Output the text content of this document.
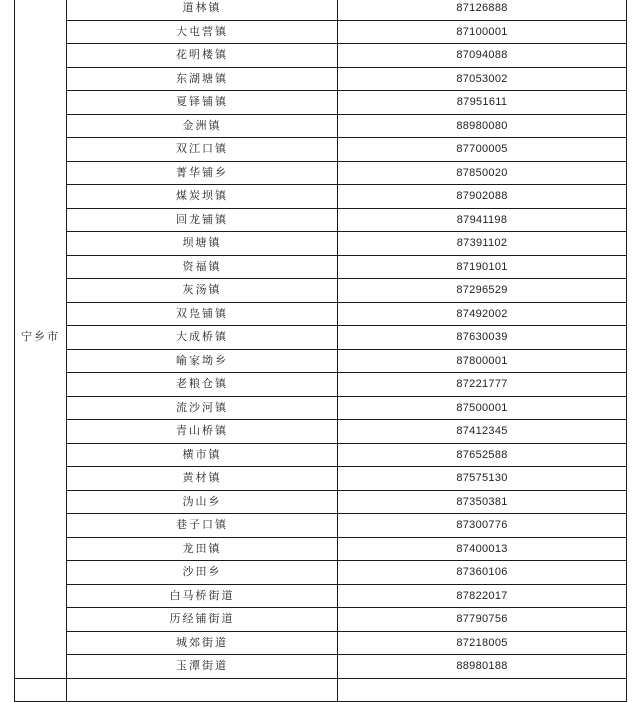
宁乡市	道林镇	87126888
	大屯营镇	87100001
	花明楼镇	87094088
	东湖塘镇	87053002
	夏铎铺镇	87951611
	金洲镇	88980080
	双江口镇	87700005
	菁华铺乡	87850020
	煤炭坝镇	87902088
	回龙铺镇	87941198
	坝塘镇	87391102
	资福镇	87190101
	灰汤镇	87296529
	双凫铺镇	87492002
	大成桥镇	87630039
	喻家坳乡	87800001
	老粮仓镇	87221777
	流沙河镇	87500001
	青山桥镇	87412345
	横市镇	87652588
	黄材镇	87575130
	沩山乡	87350381
	巷子口镇	87300776
	龙田镇	87400013
	沙田乡	87360106
	白马桥街道	87822017
	历经铺街道	87790756
	城郊街道	87218005
	玉潭街道	88980188
